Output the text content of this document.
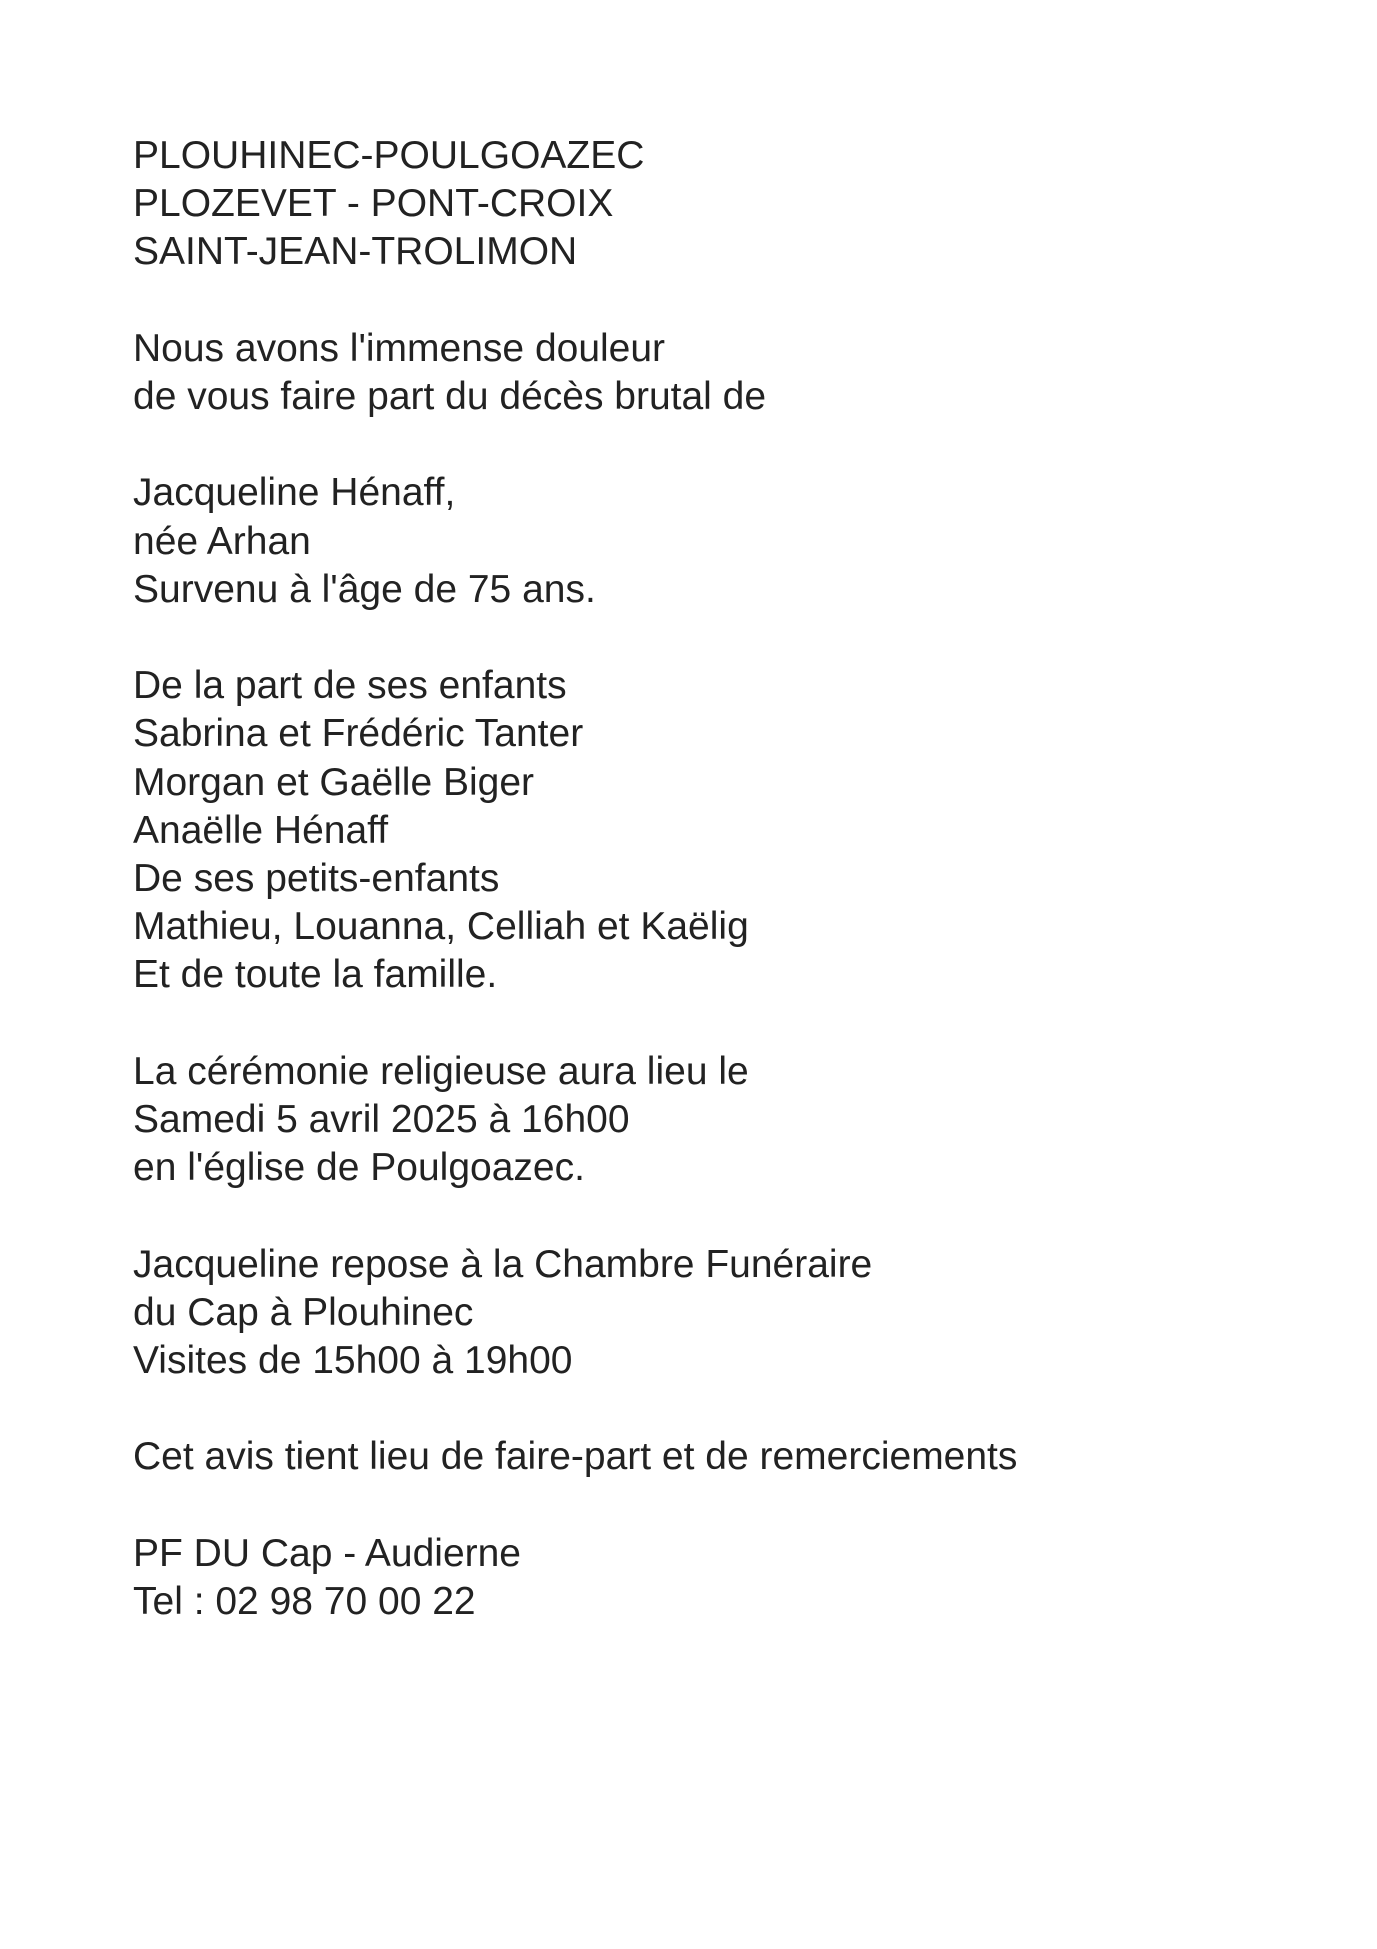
PLOUHINEC-POULGOAZEC
PLOZEVET - PONT-CROIX
SAINT-JEAN-TROLIMON
Nous avons l'immense douleur
de vous faire part du décès brutal de
Jacqueline Hénaff,
née Arhan
Survenu à l'âge de 75 ans.
De la part de ses enfants
Sabrina et Frédéric Tanter
Morgan et Gaëlle Biger
Anaëlle Hénaff
De ses petits-enfants
Mathieu, Louanna, Celliah et Kaëlig
Et de toute la famille.
La cérémonie religieuse aura lieu le
Samedi 5 avril 2025 à 16h00
en l'église de Poulgoazec.
Jacqueline repose à la Chambre Funéraire
du Cap à Plouhinec
Visites de 15h00 à 19h00
Cet avis tient lieu de faire-part et de remerciements
PF DU Cap - Audierne
Tel : 02 98 70 00 22
